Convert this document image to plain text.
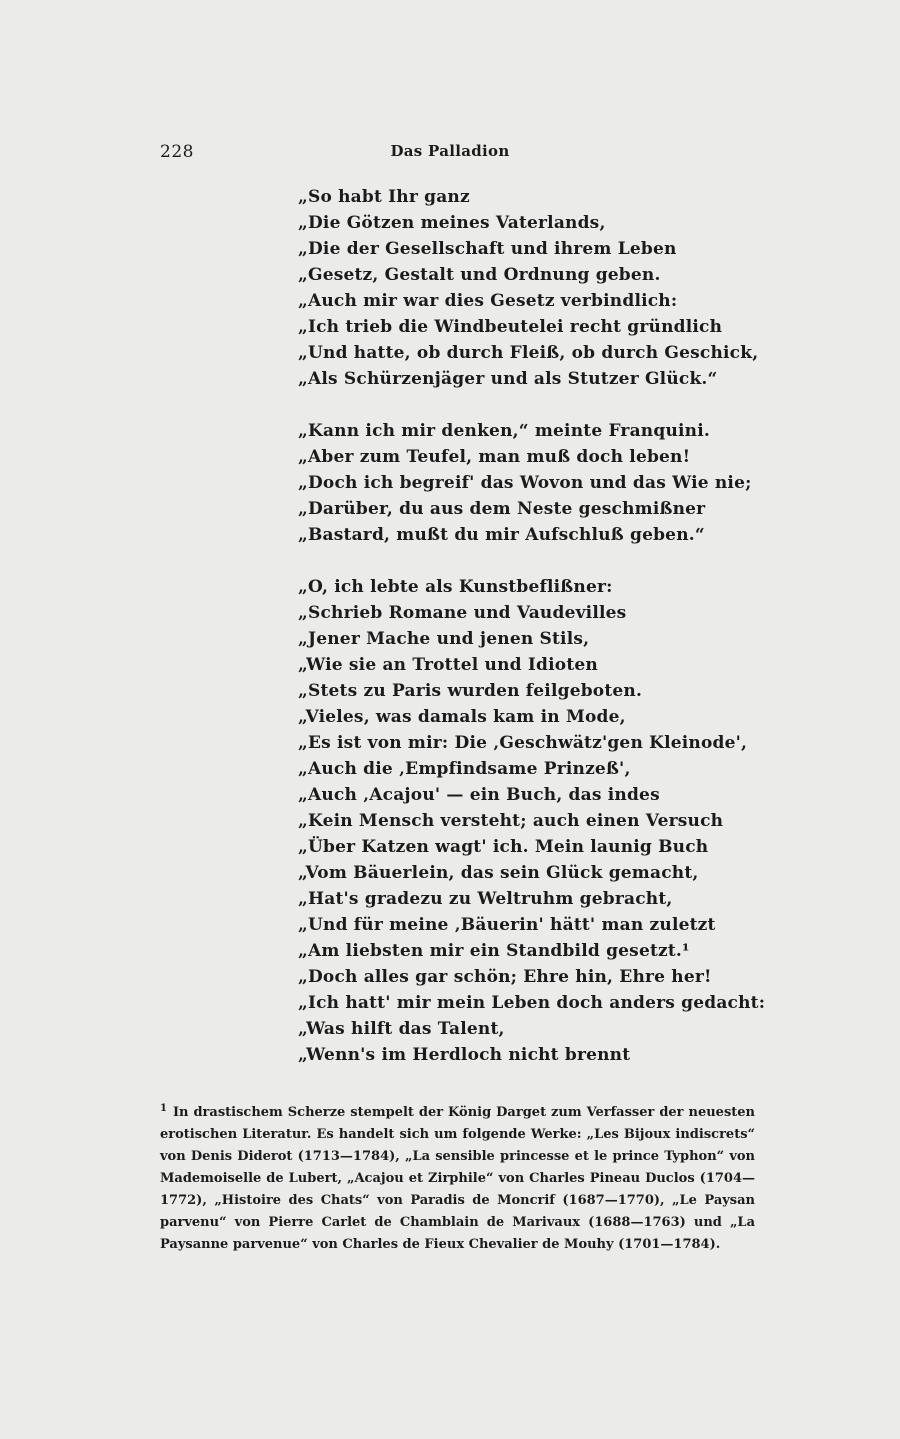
228	Das Palladion
„So habt Ihr ganz
„Die Götzen meines Vaterlands,
„Die der Gesellschaft und ihrem Leben
„Gesetz, Gestalt und Ordnung geben.
„Auch mir war dies Gesetz verbindlich:
„Ich trieb die Windbeutelei recht gründlich
„Und hatte, ob durch Fleiß, ob durch Geschick,
„Als Schürzenjäger und als Stutzer Glück.“
„Kann ich mir denken,“ meinte Franquini.
„Aber zum Teufel, man muß doch leben!
„Doch ich begreif' das Wovon und das Wie nie;
„Darüber, du aus dem Neste geschmißner
„Bastard, mußt du mir Aufschluß geben.“
„O, ich lebte als Kunstbeflißner:
„Schrieb Romane und Vaudevilles
„Jener Mache und jenen Stils,
„Wie sie an Trottel und Idioten
„Stets zu Paris wurden feilgeboten.
„Vieles, was damals kam in Mode,
„Es ist von mir: Die ‚Geschwätz'gen Kleinode',
„Auch die ‚Empfindsame Prinzeß',
„Auch ‚Acajou' — ein Buch, das indes
„Kein Mensch versteht; auch einen Versuch
„Über Katzen wagt' ich. Mein launig Buch
„Vom Bäuerlein, das sein Glück gemacht,
„Hat's gradezu zu Weltruhm gebracht,
„Und für meine ‚Bäuerin' hätt' man zuletzt
„Am liebsten mir ein Standbild gesetzt.¹
„Doch alles gar schön; Ehre hin, Ehre her!
„Ich hatt' mir mein Leben doch anders gedacht:
„Was hilft das Talent,
„Wenn's im Herdloch nicht brennt

$^1$ In drastischem Scherze stempelt der König Darget zum Verfasser der neuesten erotischen Literatur. Es handelt sich um folgende Werke: „Les Bijoux indiscrets“ von Denis Diderot (1713—1784), „La sensible princesse et le prince Typhon“ von Mademoiselle de Lubert, „Acajou et Zirphile“ von Charles Pineau Duclos (1704—1772), „Histoire des Chats“ von Paradis de Moncrif (1687—1770), „Le Paysan parvenu“ von Pierre Carlet de Chamblain de Marivaux (1688—1763) und „La Paysanne parvenue“ von Charles de Fieux Chevalier de Mouhy (1701—1784).
